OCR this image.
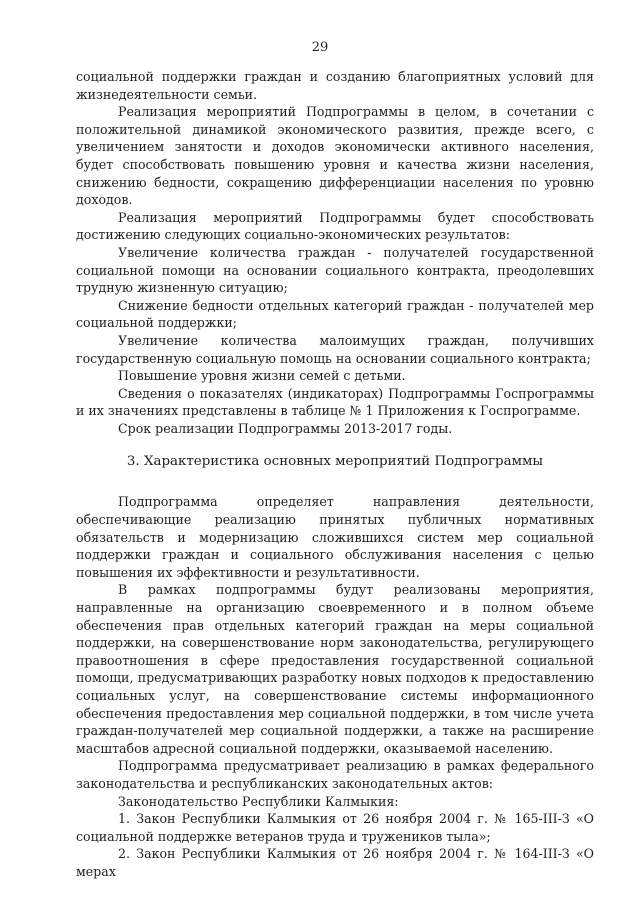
29

социальной поддержки граждан и созданию благоприятных условий для жизнедеятельности семьи.

Реализация мероприятий Подпрограммы в целом, в сочетании с положительной динамикой экономического развития, прежде всего, с увеличением занятости и доходов экономически активного населения, будет способствовать повышению уровня и качества жизни населения, снижению бедности, сокращению дифференциации населения по уровню доходов.

Реализация мероприятий Подпрограммы будет способствовать достижению следующих социально-экономических результатов:

Увеличение количества граждан - получателей государственной социальной помощи на основании социального контракта, преодолевших трудную жизненную ситуацию;

Снижение бедности отдельных категорий граждан - получателей мер социальной поддержки;

Увеличение количества малоимущих граждан, получивших государственную социальную помощь на основании социального контракта;

Повышение уровня жизни семей с детьми.

Сведения о показателях (индикаторах) Подпрограммы Госпрограммы и их значениях представлены в таблице № 1 Приложения к Госпрограмме.

Срок реализации Подпрограммы 2013-2017 годы.

3. Характеристика основных мероприятий Подпрограммы

Подпрограмма определяет направления деятельности, обеспечивающие реализацию принятых публичных нормативных обязательств и модернизацию сложившихся систем мер социальной поддержки граждан и социального обслуживания населения с целью повышения их эффективности и результативности.

В рамках подпрограммы будут реализованы мероприятия, направленные на организацию своевременного и в полном объеме обеспечения прав отдельных категорий граждан на меры социальной поддержки, на совершенствование норм законодательства, регулирующего правоотношения в сфере предоставления государственной социальной помощи, предусматривающих разработку новых подходов к предоставлению социальных услуг, на совершенствование системы информационного обеспечения предоставления мер социальной поддержки, в том числе учета граждан-получателей мер социальной поддержки, а также на расширение масштабов адресной социальной поддержки, оказываемой населению.

Подпрограмма предусматривает реализацию в рамках федерального законодательства и республиканских законодательных актов:

Законодательство Республики Калмыкия:

1. Закон Республики Калмыкия от 26 ноября 2004 г. № 165-III-З «О социальной поддержке ветеранов труда и тружеников тыла»;

2. Закон Республики Калмыкия от 26 ноября 2004 г. № 164-III-З «О мерах
